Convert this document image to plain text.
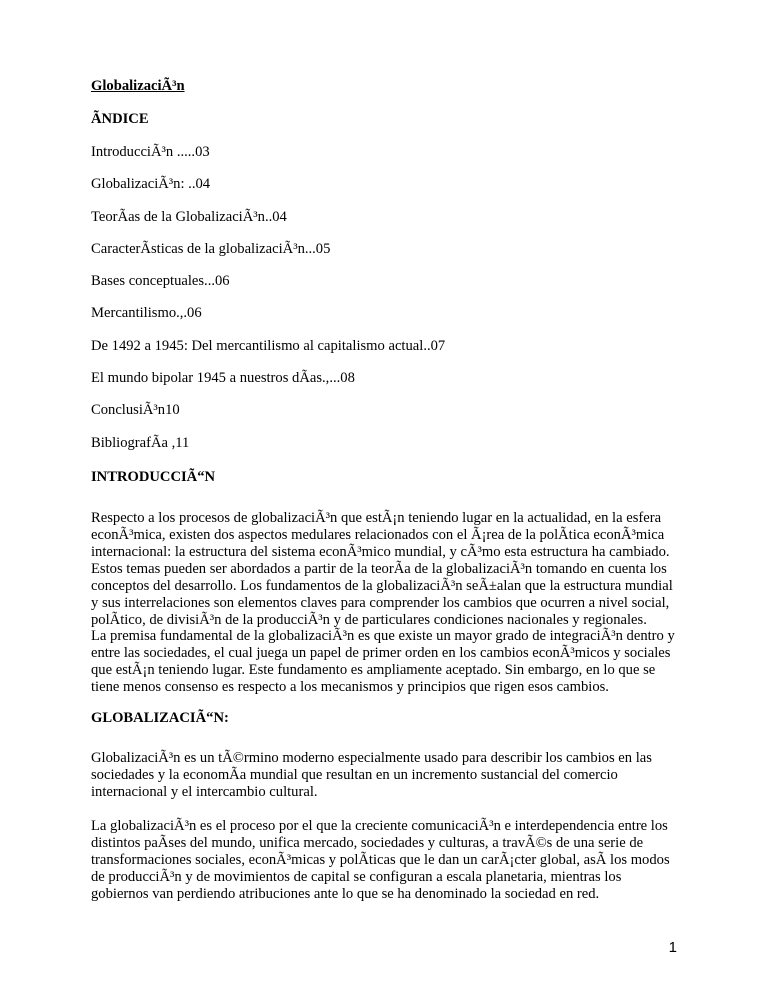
GlobalizaciÃ³n

ÃNDICE

IntroducciÃ³n .....03
GlobalizaciÃ³n: ..04
TeorÃas de la GlobalizaciÃ³n..04
CaracterÃsticas de la globalizaciÃ³n...05
Bases conceptuales...06
Mercantilismo.,.06
De 1492 a 1945: Del mercantilismo al capitalismo actual..07
El mundo bipolar 1945 a nuestros dÃas.,...08
ConclusiÃ³n10
BibliografÃa ,11

INTRODUCCIÃ“N

Respecto a los procesos de globalizaciÃ³n que estÃ¡n teniendo lugar en la actualidad, en la esfera econÃ³mica, existen dos aspectos medulares relacionados con el Ã¡rea de la polÃtica econÃ³mica internacional: la estructura del sistema econÃ³mico mundial, y cÃ³mo esta estructura ha cambiado. Estos temas pueden ser abordados a partir de la teorÃa de la globalizaciÃ³n tomando en cuenta los conceptos del desarrollo. Los fundamentos de la globalizaciÃ³n seÃ±alan que la estructura mundial y sus interrelaciones son elementos claves para comprender los cambios que ocurren a nivel social, polÃtico, de divisiÃ³n de la producciÃ³n y de particulares condiciones nacionales y regionales.

La premisa fundamental de la globalizaciÃ³n es que existe un mayor grado de integraciÃ³n dentro y entre las sociedades, el cual juega un papel de primer orden en los cambios econÃ³micos y sociales que estÃ¡n teniendo lugar. Este fundamento es ampliamente aceptado. Sin embargo, en lo que se tiene menos consenso es respecto a los mecanismos y principios que rigen esos cambios.

GLOBALIZACIÃ“N:

GlobalizaciÃ³n es un tÃ©rmino moderno especialmente usado para describir los cambios en las sociedades y la economÃa mundial que resultan en un incremento sustancial del comercio internacional y el intercambio cultural.

La globalizaciÃ³n es el proceso por el que la creciente comunicaciÃ³n e interdependencia entre los distintos paÃses del mundo, unifica mercado, sociedades y culturas, a travÃ©s de una serie de transformaciones sociales, econÃ³micas y polÃticas que le dan un carÃ¡cter global, asÃ los modos de producciÃ³n y de movimientos de capital se configuran a escala planetaria, mientras los gobiernos van perdiendo atribuciones ante lo que se ha denominado la sociedad en red.

1
